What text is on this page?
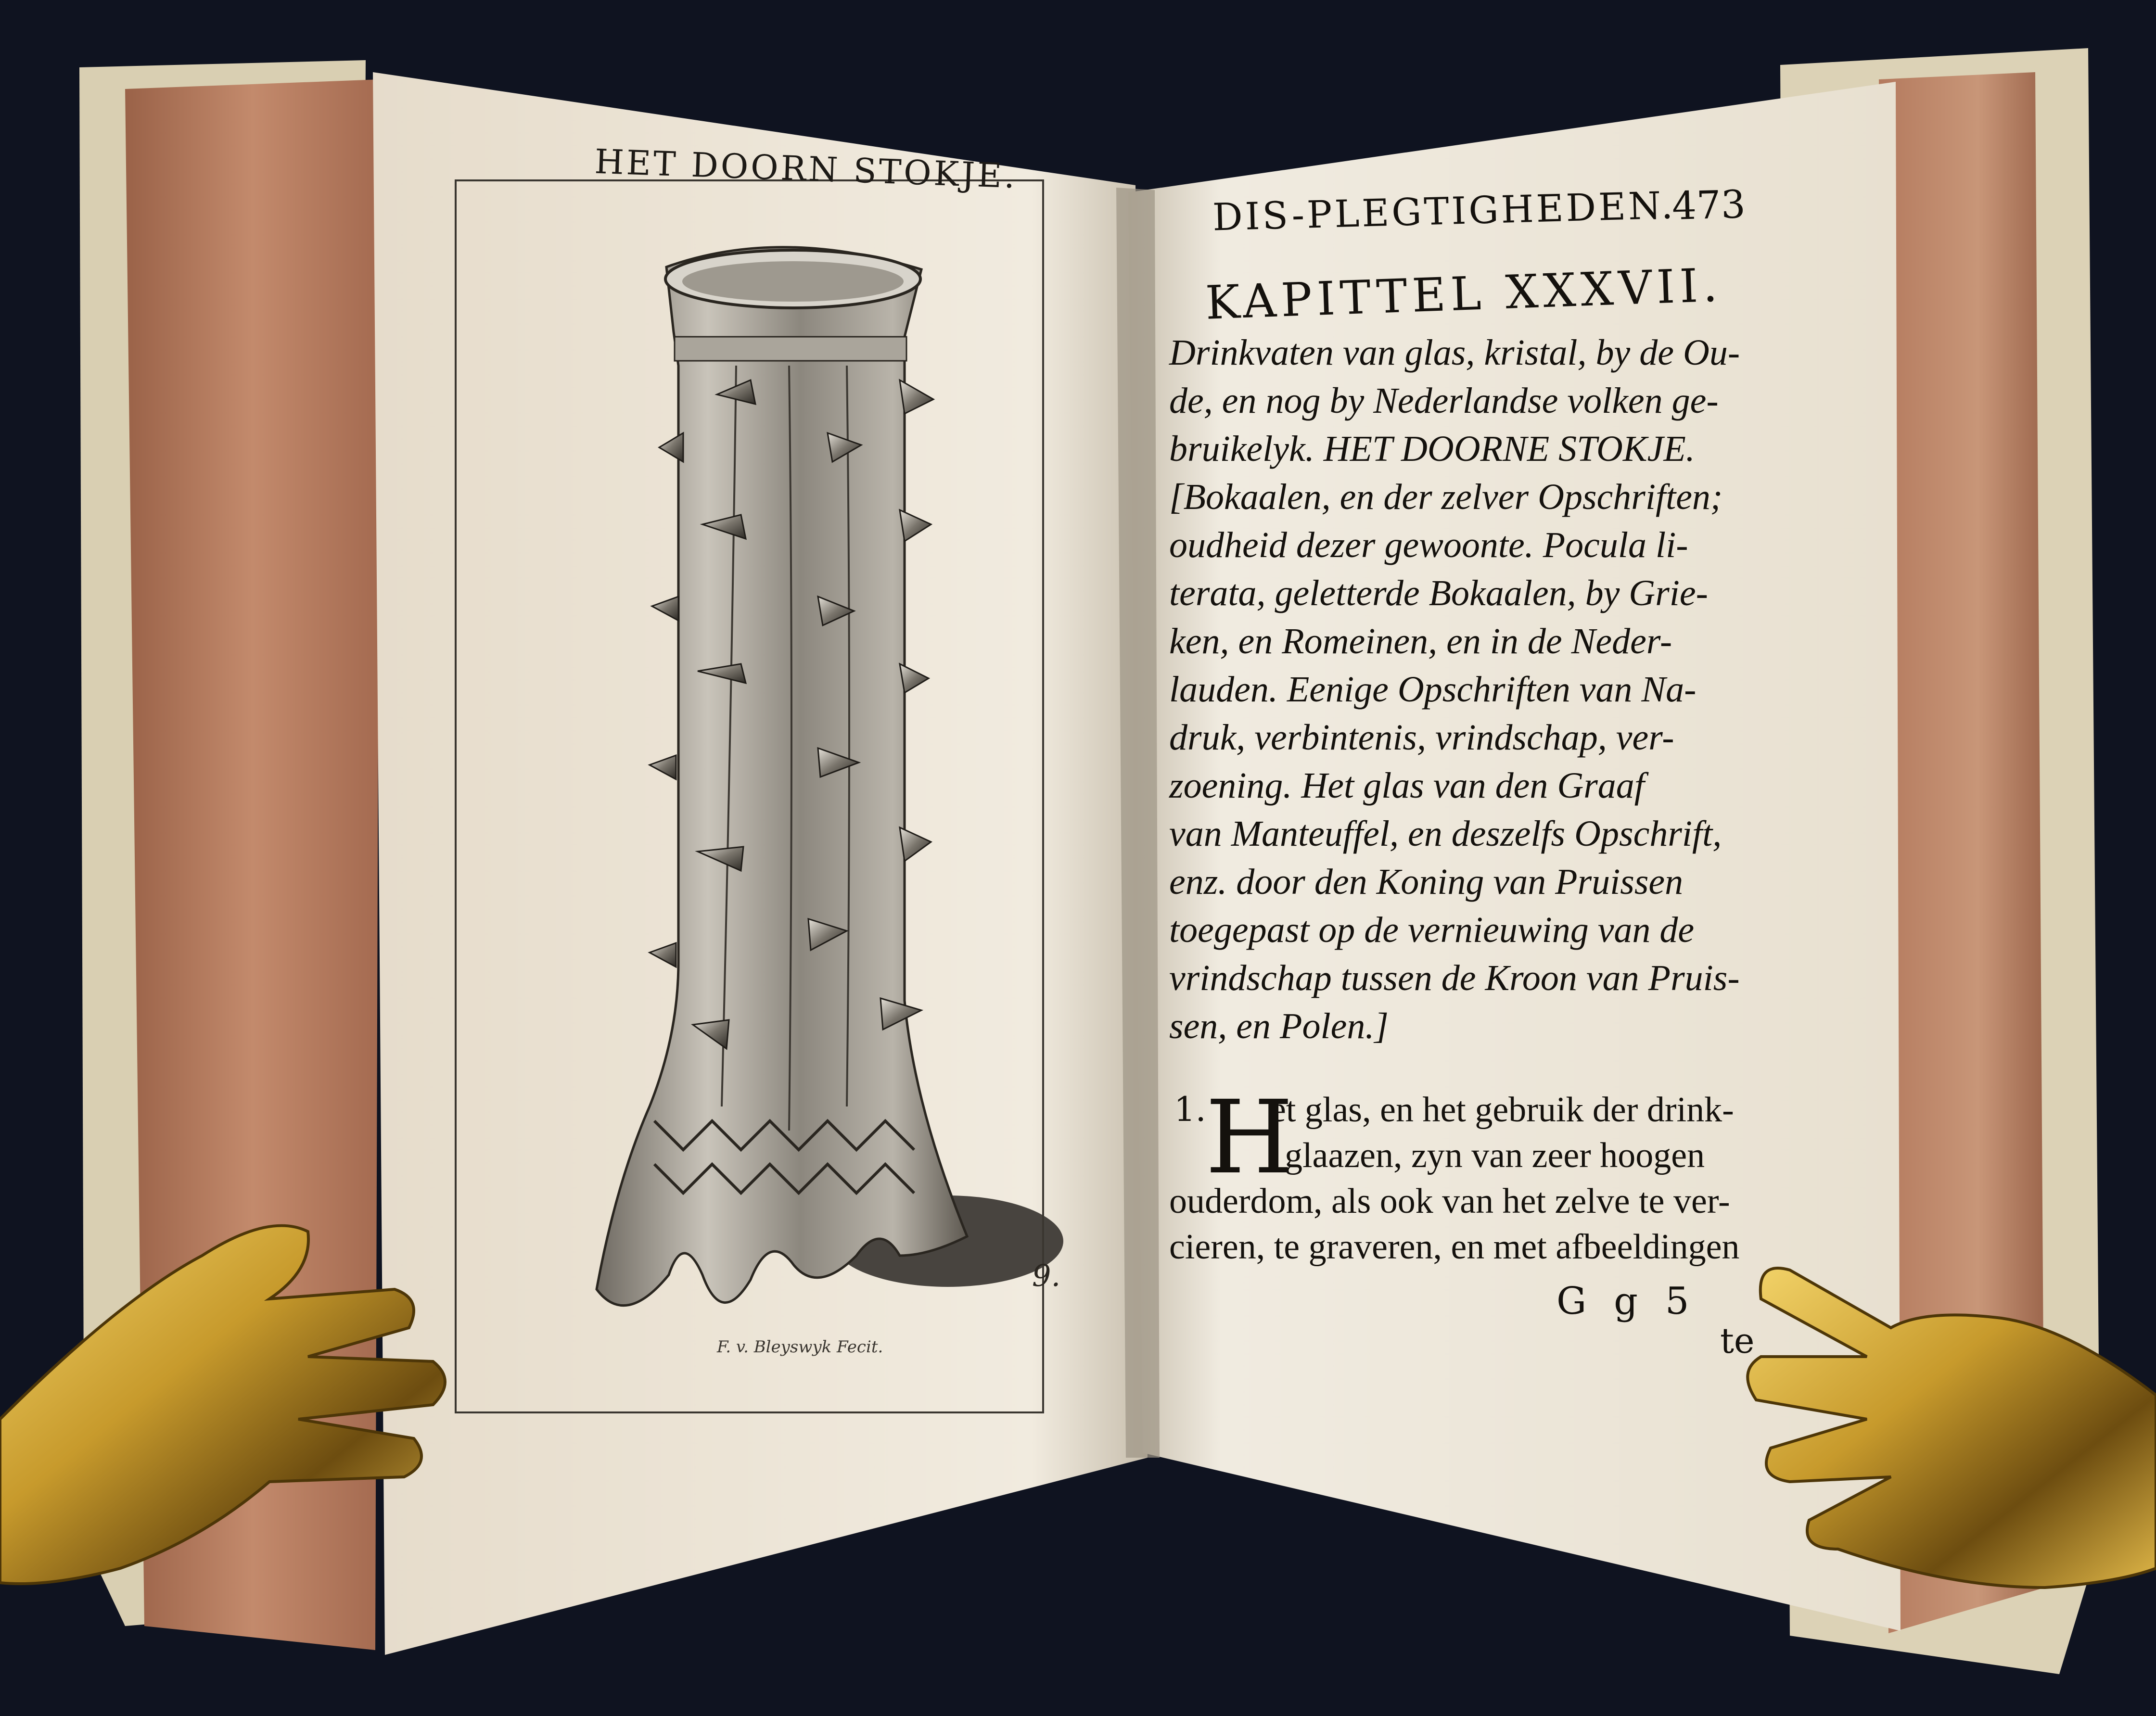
HET DOORN STOKJE.
9.
F. v. Bleyswyk Fecit.
DIS-PLEGTIGHEDEN.
473
KAPITTEL XXXVII.
Drinkvaten van glas, kristal, by de Ou-
de, en nog by Nederlandse volken ge-
bruikelyk. HET DOORNE STOKJE.
[Bokaalen, en der zelver Opschriften;
oudheid dezer gewoonte. Pocula li-
terata, geletterde Bokaalen, by Grie-
ken, en Romeinen, en in de Neder-
lauden. Eenige Opschriften van Na-
druk, verbintenis, vrindschap, ver-
zoening. Het glas van den Graaf
van Manteuffel, en deszelfs Opschrift,
enz. door den Koning van Pruissen
toegepast op de vernieuwing van de
vrindschap tussen de Kroon van Pruis-
sen, en Polen.]
1.
H
et glas, en het gebruik der drink-
glaazen, zyn van zeer hoogen
ouderdom, als ook van het zelve te ver-
cieren, te graveren, en met afbeeldingen
G g 5
te
